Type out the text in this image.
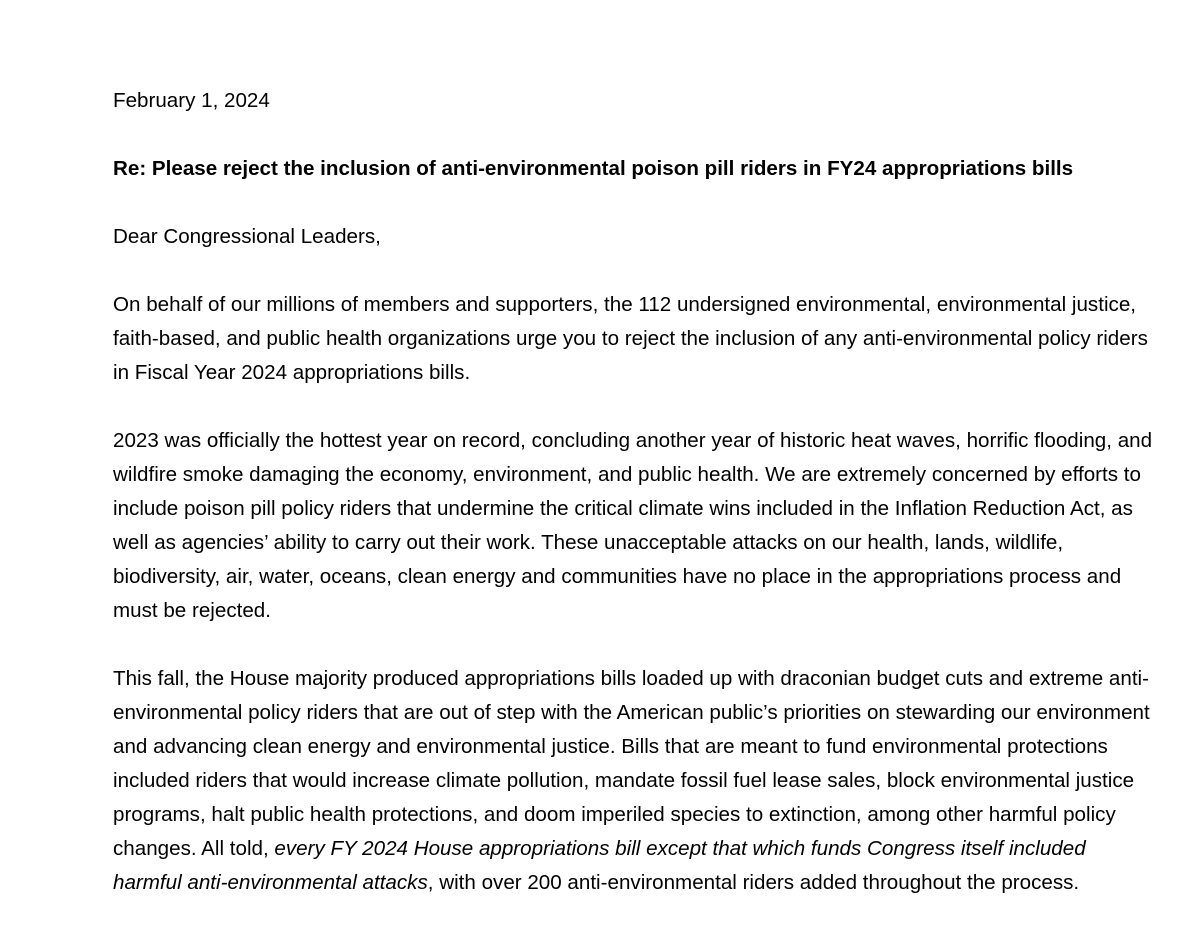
February 1, 2024

Re: Please reject the inclusion of anti-environmental poison pill riders in FY24 appropriations bills

Dear Congressional Leaders,

On behalf of our millions of members and supporters, the 112 undersigned environmental, environmental justice, faith-based, and public health organizations urge you to reject the inclusion of any anti-environmental policy riders in Fiscal Year 2024 appropriations bills.

2023 was officially the hottest year on record, concluding another year of historic heat waves, horrific flooding, and wildfire smoke damaging the economy, environment, and public health. We are extremely concerned by efforts to include poison pill policy riders that undermine the critical climate wins included in the Inflation Reduction Act, as well as agencies’ ability to carry out their work. These unacceptable attacks on our health, lands, wildlife, biodiversity, air, water, oceans, clean energy and communities have no place in the appropriations process and must be rejected.

This fall, the House majority produced appropriations bills loaded up with draconian budget cuts and extreme anti-environmental policy riders that are out of step with the American public’s priorities on stewarding our environment and advancing clean energy and environmental justice. Bills that are meant to fund environmental protections included riders that would increase climate pollution, mandate fossil fuel lease sales, block environmental justice programs, halt public health protections, and doom imperiled species to extinction, among other harmful policy changes. All told, every FY 2024 House appropriations bill except that which funds Congress itself included harmful anti-environmental attacks, with over 200 anti-environmental riders added throughout the process.
